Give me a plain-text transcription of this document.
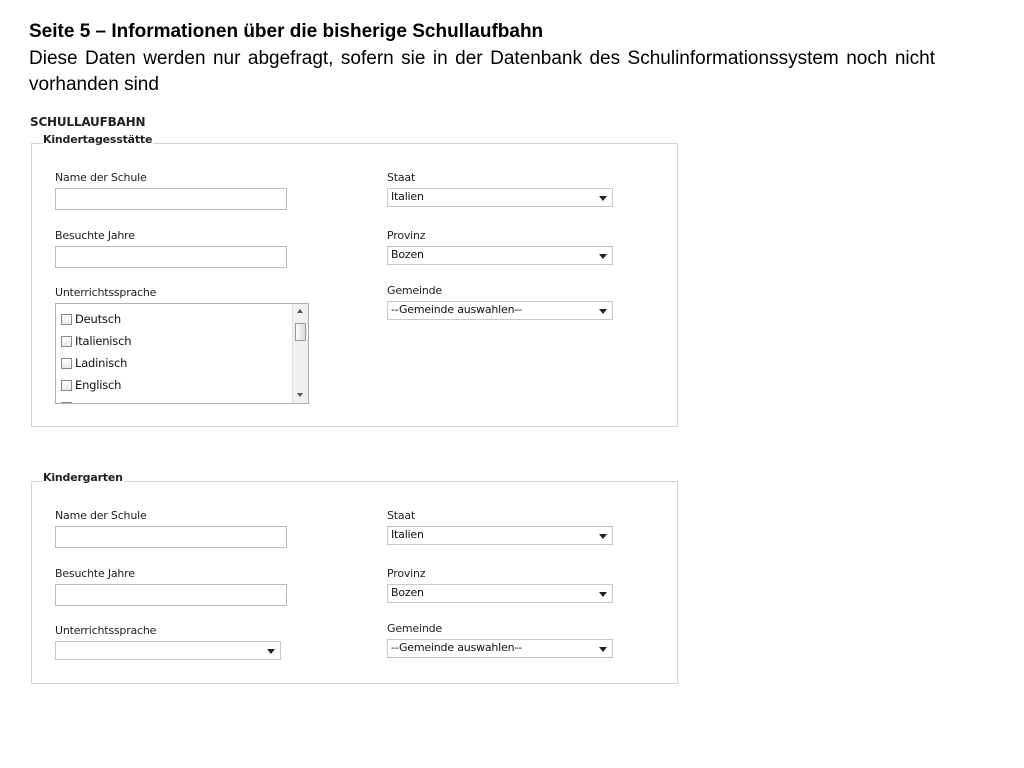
Seite 5 – Informationen über die bisherige Schullaufbahn

Diese Daten werden nur abgefragt, sofern sie in der Datenbank des Schulinformationssystem noch nicht vorhanden sind

SCHULLAUFBAHN
Kindertagesstätte
Name der Schule
Besuchte Jahre
Unterrichtssprache
Deutsch
Italienisch
Ladinisch
Englisch
Staat
Italien
Provinz
Bozen
Gemeinde
--Gemeinde auswahlen--
Kindergarten
Name der Schule
Besuchte Jahre
Unterrichtssprache
Staat
Italien
Provinz
Bozen
Gemeinde
--Gemeinde auswahlen--
